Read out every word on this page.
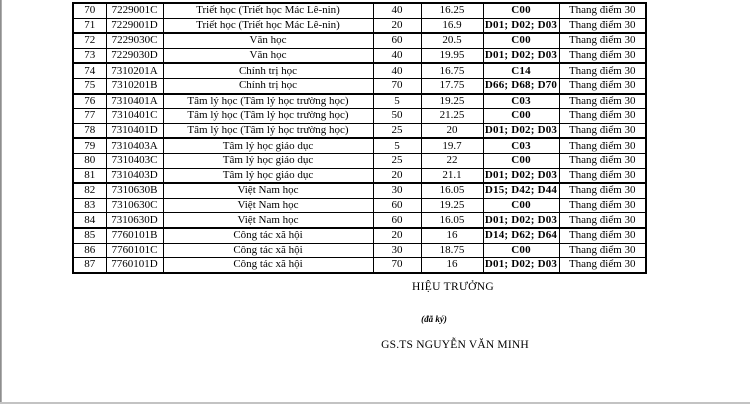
70	7229001C	Triết học (Triết học Mác Lê-nin)	40	16.25	C00	Thang điểm 30
71	7229001D	Triết học (Triết học Mác Lê-nin)	20	16.9	D01; D02; D03	Thang điểm 30
72	7229030C	Văn học	60	20.5	C00	Thang điểm 30
73	7229030D	Văn học	40	19.95	D01; D02; D03	Thang điểm 30
74	7310201A	Chính trị học	40	16.75	C14	Thang điểm 30
75	7310201B	Chính trị học	70	17.75	D66; D68; D70	Thang điểm 30
76	7310401A	Tâm lý học (Tâm lý học trường học)	5	19.25	C03	Thang điểm 30
77	7310401C	Tâm lý học (Tâm lý học trường học)	50	21.25	C00	Thang điểm 30
78	7310401D	Tâm lý học (Tâm lý học trường học)	25	20	D01; D02; D03	Thang điểm 30
79	7310403A	Tâm lý học giáo dục	5	19.7	C03	Thang điểm 30
80	7310403C	Tâm lý học giáo dục	25	22	C00	Thang điểm 30
81	7310403D	Tâm lý học giáo dục	20	21.1	D01; D02; D03	Thang điểm 30
82	7310630B	Việt Nam học	30	16.05	D15; D42; D44	Thang điểm 30
83	7310630C	Việt Nam học	60	19.25	C00	Thang điểm 30
84	7310630D	Việt Nam học	60	16.05	D01; D02; D03	Thang điểm 30
85	7760101B	Công tác xã hội	20	16	D14; D62; D64	Thang điểm 30
86	7760101C	Công tác xã hội	30	18.75	C00	Thang điểm 30
87	7760101D	Công tác xã hội	70	16	D01; D02; D03	Thang điểm 30
HIỆU TRƯỞNG
(đã ký)
GS.TS NGUYỄN VĂN MINH
